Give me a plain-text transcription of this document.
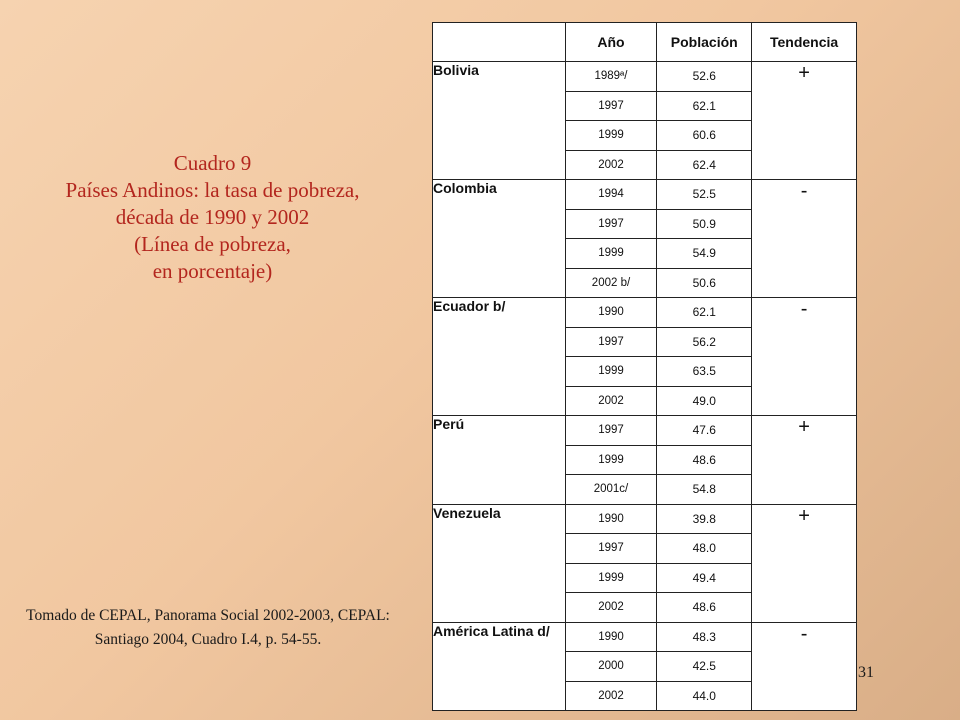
Cuadro 9
Países Andinos: la tasa de pobreza,
década de 1990 y 2002
(Línea de pobreza,
en porcentaje)
Tomado de CEPAL, Panorama Social 2002-2003, CEPAL: Santiago 2004, Cuadro I.4, p. 54-55.
31
	Año	Población	Tendencia
Bolivia	1989ª/	52.6	+
	1997	62.1	
	1999	60.6	
	2002	62.4	
Colombia	1994	52.5	-
	1997	50.9	
	1999	54.9	
	2002 b/	50.6	
Ecuador b/	1990	62.1	-
	1997	56.2	
	1999	63.5	
	2002	49.0	
Perú	1997	47.6	+
	1999	48.6	
	2001c/	54.8	
Venezuela	1990	39.8	+
	1997	48.0	
	1999	49.4	
	2002	48.6	
América Latina d/	1990	48.3	-
	2000	42.5	
	2002	44.0	
